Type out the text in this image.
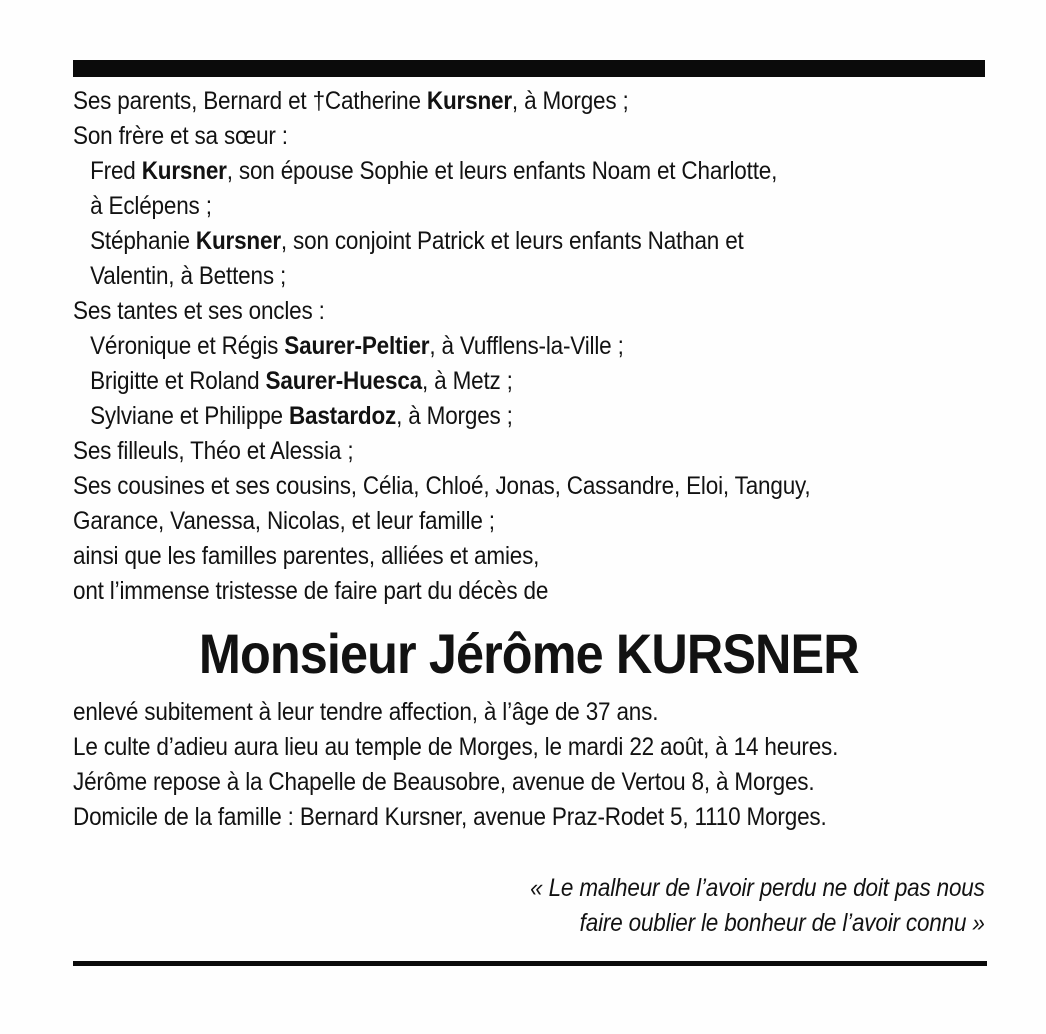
Ses parents, Bernard et †Catherine Kursner, à Morges ;
Son frère et sa sœur :
Fred Kursner, son épouse Sophie et leurs enfants Noam et Charlotte,
à Eclépens ;
Stéphanie Kursner, son conjoint Patrick et leurs enfants Nathan et
Valentin, à Bettens ;
Ses tantes et ses oncles :
Véronique et Régis Saurer-Peltier, à Vufflens-la-Ville ;
Brigitte et Roland Saurer-Huesca, à Metz ;
Sylviane et Philippe Bastardoz, à Morges ;
Ses filleuls, Théo et Alessia ;
Ses cousines et ses cousins, Célia, Chloé, Jonas, Cassandre, Eloi, Tanguy,
Garance, Vanessa, Nicolas, et leur famille ;
ainsi que les familles parentes, alliées et amies,
ont l’immense tristesse de faire part du décès de
Monsieur Jérôme KURSNER
enlevé subitement à leur tendre affection, à l’âge de 37 ans.
Le culte d’adieu aura lieu au temple de Morges, le mardi 22 août, à 14 heures.
Jérôme repose à la Chapelle de Beausobre, avenue de Vertou 8, à Morges.
Domicile de la famille : Bernard Kursner, avenue Praz-Rodet 5, 1110 Morges.
« Le malheur de l’avoir perdu ne doit pas nous
faire oublier le bonheur de l’avoir connu »
